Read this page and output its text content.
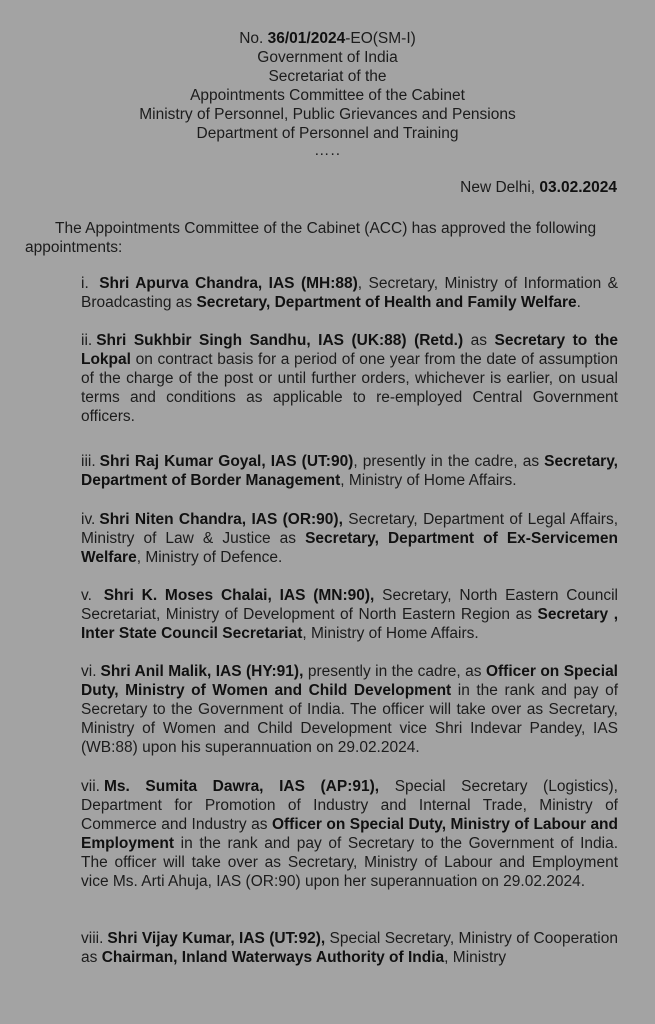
No. 36/01/2024-EO(SM-I)
Government of India
Secretariat of the
Appointments Committee of the Cabinet
Ministry of Personnel, Public Grievances and Pensions
Department of Personnel and Training
…..
New Delhi, 03.02.2024
The Appointments Committee of the Cabinet (ACC) has approved the following appointments:
i. Shri Apurva Chandra, IAS (MH:88), Secretary, Ministry of Information & Broadcasting as Secretary, Department of Health and Family Welfare.
ii. Shri Sukhbir Singh Sandhu, IAS (UK:88) (Retd.) as Secretary to the Lokpal on contract basis for a period of one year from the date of assumption of the charge of the post or until further orders, whichever is earlier, on usual terms and conditions as applicable to re-employed Central Government officers.
iii. Shri Raj Kumar Goyal, IAS (UT:90), presently in the cadre, as Secretary, Department of Border Management, Ministry of Home Affairs.
iv. Shri Niten Chandra, IAS (OR:90), Secretary, Department of Legal Affairs, Ministry of Law & Justice as Secretary, Department of Ex-Servicemen Welfare, Ministry of Defence.
v. Shri K. Moses Chalai, IAS (MN:90), Secretary, North Eastern Council Secretariat, Ministry of Development of North Eastern Region as Secretary , Inter State Council Secretariat, Ministry of Home Affairs.
vi. Shri Anil Malik, IAS (HY:91), presently in the cadre, as Officer on Special Duty, Ministry of Women and Child Development in the rank and pay of Secretary to the Government of India. The officer will take over as Secretary, Ministry of Women and Child Development vice Shri Indevar Pandey, IAS (WB:88) upon his superannuation on 29.02.2024.
vii. Ms. Sumita Dawra, IAS (AP:91), Special Secretary (Logistics), Department for Promotion of Industry and Internal Trade, Ministry of Commerce and Industry as Officer on Special Duty, Ministry of Labour and Employment in the rank and pay of Secretary to the Government of India. The officer will take over as Secretary, Ministry of Labour and Employment vice Ms. Arti Ahuja, IAS (OR:90) upon her superannuation on 29.02.2024.
viii. Shri Vijay Kumar, IAS (UT:92), Special Secretary, Ministry of Cooperation as Chairman, Inland Waterways Authority of India, Ministry
